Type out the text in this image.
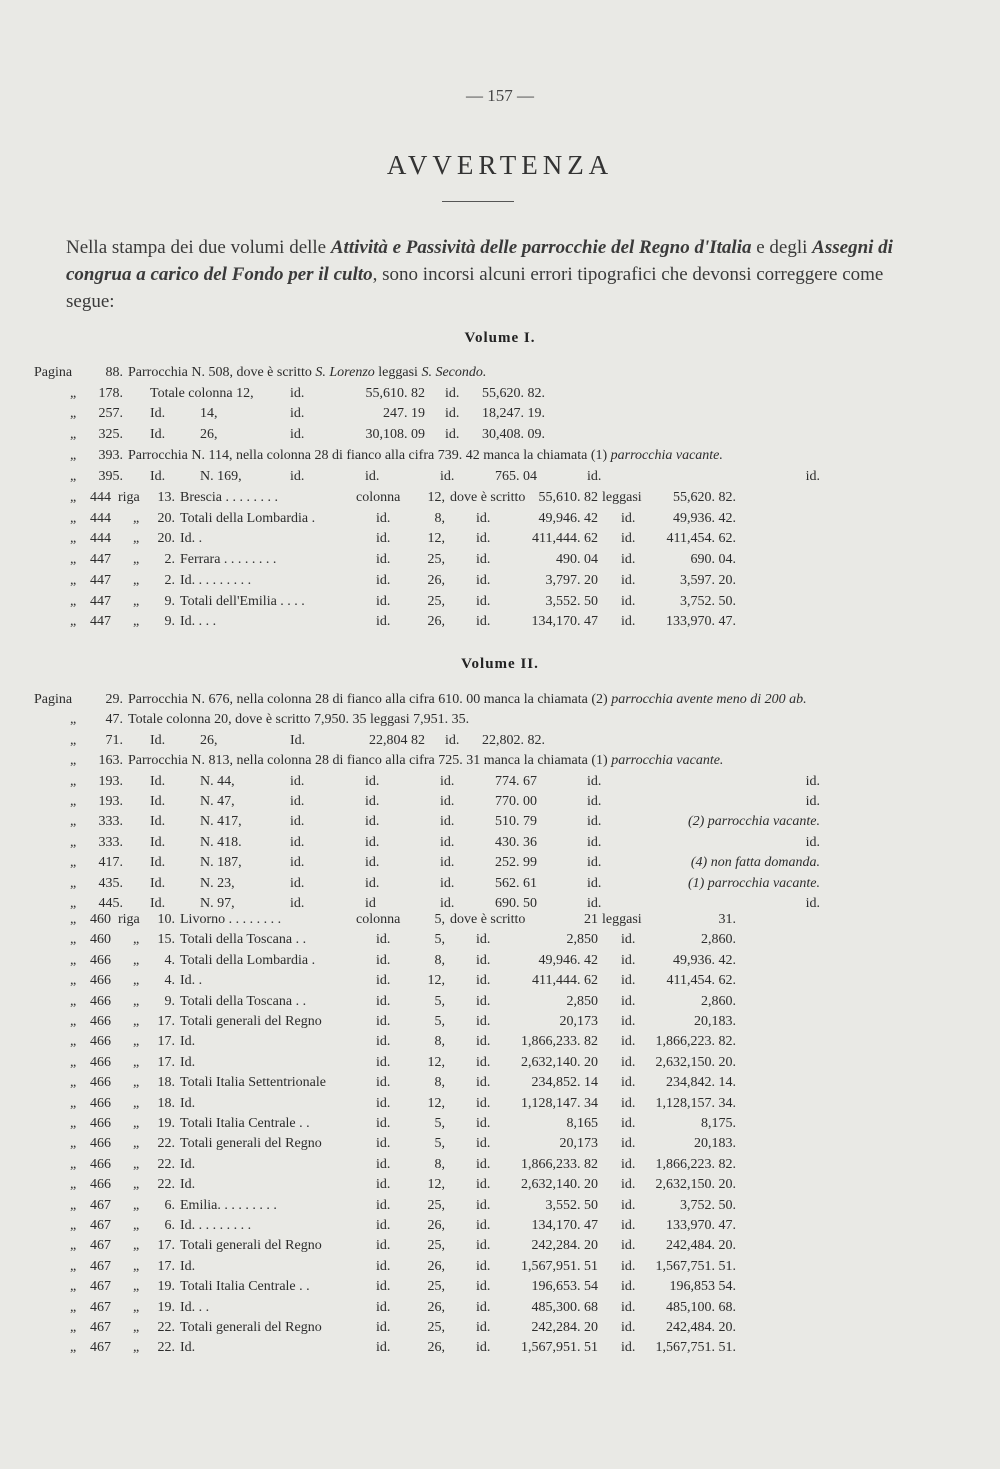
— 157 —
AVVERTENZA
Nella stampa dei due volumi delle Attività e Passività delle parrocchie del Regno d'Italia e degli Assegni di congrua a carico del Fondo per il culto, sono incorsi alcuni errori tipografici che devonsi correggere come segue:
Volume I.
Pagina	88. Parrocchia N. 508, dove è scritto S. Lorenzo leggasi S. Secondo.
„ 178. Totale colonna 12,	id.	55,610. 82 id. 55,620. 82.
„ 257. Id. 14,	id.	247. 19 id. 18,247. 19.
„ 325. Id. 26,	id.	30,108. 09 id. 30,408. 09.
„ 393. Parrocchia N. 114, nella colonna 28 di fianco alla cifra 739. 42 manca la chiamata (1) parrocchia vacante.
„ 395. Id. N. 169,	id.	id.	id.	765. 04	id.	id.
„ 444 riga	13. Brescia . . . . . . . .	colonna	12, dove è scritto 55,610. 82 leggasi	55,620. 82.
„ 444 „	20. Totali della Lombardia .	id.	8, id.	49,946. 42 id.	49,936. 42.
„ 444 „	20. Id. .	id.	12, id.	411,444. 62 id.	411,454. 62.
„ 447 „	2. Ferrara . . . . . . . .	id.	25, id.	490. 04 id.	690. 04.
„ 447 „	2. Id. . . . . . . . .	id.	26, id.	3,797. 20 id.	3,597. 20.
„ 447 „	9. Totali dell'Emilia . . . .	id.	25, id.	3,552. 50 id.	3,752. 50.
„ 447 „	9. Id. . . .	id.	26, id.	134,170. 47 id.	133,970. 47.
Volume II.
Pagina	29. Parrocchia N. 676, nella colonna 28 di fianco alla cifra 610. 00 manca la chiamata (2) parrocchia avente meno di 200 ab.
„	47. Totale colonna 20, dove è scritto 7,950. 35 leggasi 7,951. 35.
„	71. Id. 26,	Id.	22,804 82 id. 22,802. 82.
„ 163. Parrocchia N. 813, nella colonna 28 di fianco alla cifra 725. 31 manca la chiamata (1) parrocchia vacante.
„ 193. Id. N. 44,	id.	id.	id.	774. 67	id.	id.
„ 193. Id. N. 47,	id.	id.	id.	770. 00	id.	id.
„ 333. Id. N. 417,	id.	id.	id.	510. 79	id.	(2) parrocchia vacante.
„ 333. Id. N. 418.	id.	id.	id.	430. 36	id.	id.
„ 417. Id. N. 187,	id.	id.	id.	252. 99	id.	(4) non fatta domanda.
„ 435. Id. N. 23,	id.	id.	id.	562. 61	id.	(1) parrocchia vacante.
„ 445. Id. N. 97,	id.	id	id.	690. 50	id.	id.
„ 460 riga	10. Livorno . . . . . . . .	colonna	5, dove è scritto	21 leggasi	31.
„ 460 „	15. Totali della Toscana . .	id.	5, id.	2,850 id.	2,860.
„ 466 „	4. Totali della Lombardia .	id.	8, id.	49,946. 42 id.	49,936. 42.
„ 466 „	4. Id. .	id.	12, id.	411,444. 62 id.	411,454. 62.
„ 466 „	9. Totali della Toscana . .	id.	5, id.	2,850 id.	2,860.
„ 466 „	17. Totali generali del Regno	id.	5, id.	20,173 id.	20,183.
„ 466 „	17. Id.	id.	8, id.	1,866,233. 82 id.	1,866,223. 82.
„ 466 „	17. Id.	id.	12, id.	2,632,140. 20 id.	2,632,150. 20.
„ 466 „	18. Totali Italia Settentrionale	id.	8, id.	234,852. 14 id.	234,842. 14.
„ 466 „	18. Id.	id.	12, id.	1,128,147. 34 id.	1,128,157. 34.
„ 466 „	19. Totali Italia Centrale . .	id.	5, id.	8,165 id.	8,175.
„ 466 „	22. Totali generali del Regno	id.	5, id.	20,173 id.	20,183.
„ 466 „	22. Id.	id.	8, id.	1,866,233. 82 id.	1,866,223. 82.
„ 466 „	22. Id.	id.	12, id.	2,632,140. 20 id.	2,632,150. 20.
„ 467 „	6. Emilia. . . . . . . . .	id.	25, id.	3,552. 50 id.	3,752. 50.
„ 467 „	6. Id. . . . . . . . .	id.	26, id.	134,170. 47 id.	133,970. 47.
„ 467 „	17. Totali generali del Regno	id.	25, id.	242,284. 20 id.	242,484. 20.
„ 467 „	17. Id.	id.	26, id.	1,567,951. 51 id.	1,567,751. 51.
„ 467 „	19. Totali Italia Centrale . .	id.	25, id.	196,653. 54 id.	196,853 54.
„ 467 „	19. Id. . .	id.	26, id.	485,300. 68 id.	485,100. 68.
„ 467 „	22. Totali generali del Regno	id.	25, id.	242,284. 20 id.	242,484. 20.
„ 467 „	22. Id.	id.	26, id.	1,567,951. 51 id.	1,567,751. 51.
